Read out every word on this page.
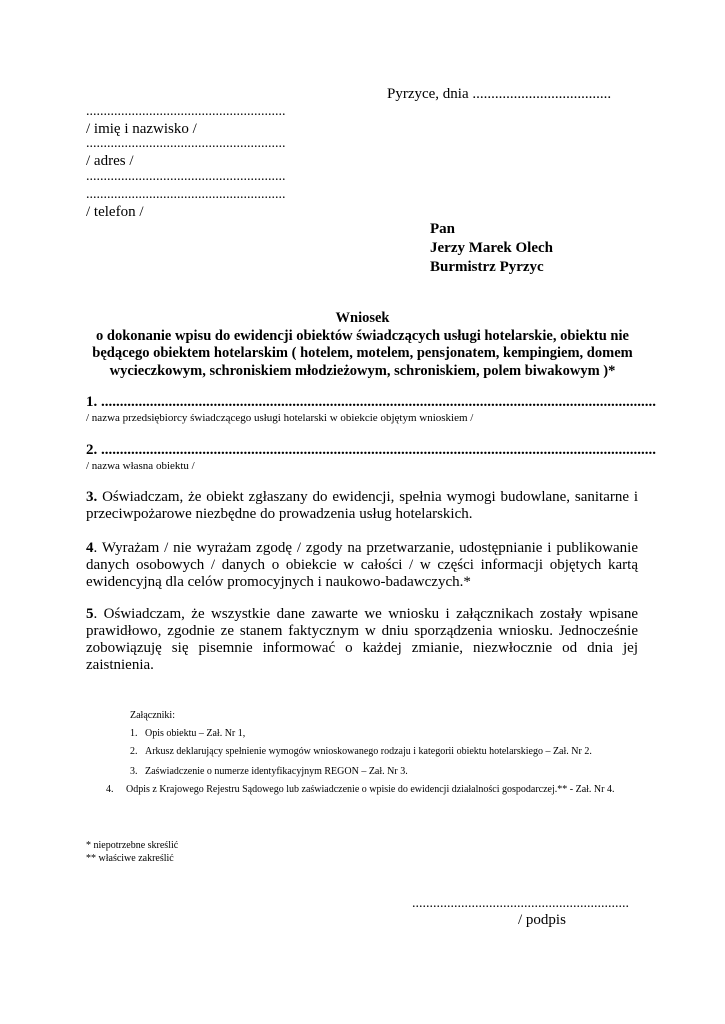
Pyrzyce, dnia .....................................
.........................................................
/ imię i nazwisko /
.........................................................
/ adres /
.........................................................
.........................................................
/ telefon /
Pan
Jerzy Marek Olech
Burmistrz Pyrzyc
Wniosek
o dokonanie wpisu do ewidencji obiektów świadczących usługi hotelarskie, obiektu nie
będącego obiektem hotelarskim ( hotelem, motelem, pensjonatem, kempingiem, domem
wycieczkowym, schroniskiem młodzieżowym, schroniskiem, polem biwakowym )*
1. ....................................................................................................................................................
/ nazwa przedsiębiorcy świadczącego usługi hotelarski w obiekcie objętym wnioskiem /
2. ....................................................................................................................................................
/ nazwa własna obiektu /
3. Oświadczam, że obiekt zgłaszany do ewidencji, spełnia wymogi budowlane, sanitarne i przeciwpożarowe niezbędne do prowadzenia usług hotelarskich.
4. Wyrażam / nie wyrażam zgodę / zgody na przetwarzanie, udostępnianie i publikowanie danych osobowych / danych o obiekcie w całości / w części informacji objętych kartą ewidencyjną dla celów promocyjnych i naukowo-badawczych.*
5. Oświadczam, że wszystkie dane zawarte we wniosku i załącznikach zostały wpisane prawidłowo, zgodnie ze stanem faktycznym w dniu sporządzenia wniosku. Jednocześnie zobowiązuję się pisemnie informować o każdej zmianie, niezwłocznie od dnia jej zaistnienia.
Załączniki:
1. Opis obiektu – Zał. Nr 1,
2. Arkusz deklarujący spełnienie wymogów wnioskowanego rodzaju i kategorii obiektu hotelarskiego – Zał. Nr 2.
3. Zaświadczenie o numerze identyfikacyjnym REGON – Zał. Nr 3.
4.	Odpis z Krajowego Rejestru Sądowego lub zaświadczenie o wpisie do ewidencji działalności gospodarczej.** - Zał. Nr 4.
* niepotrzebne skreślić
** właściwe zakreślić
..............................................................
/ podpis
